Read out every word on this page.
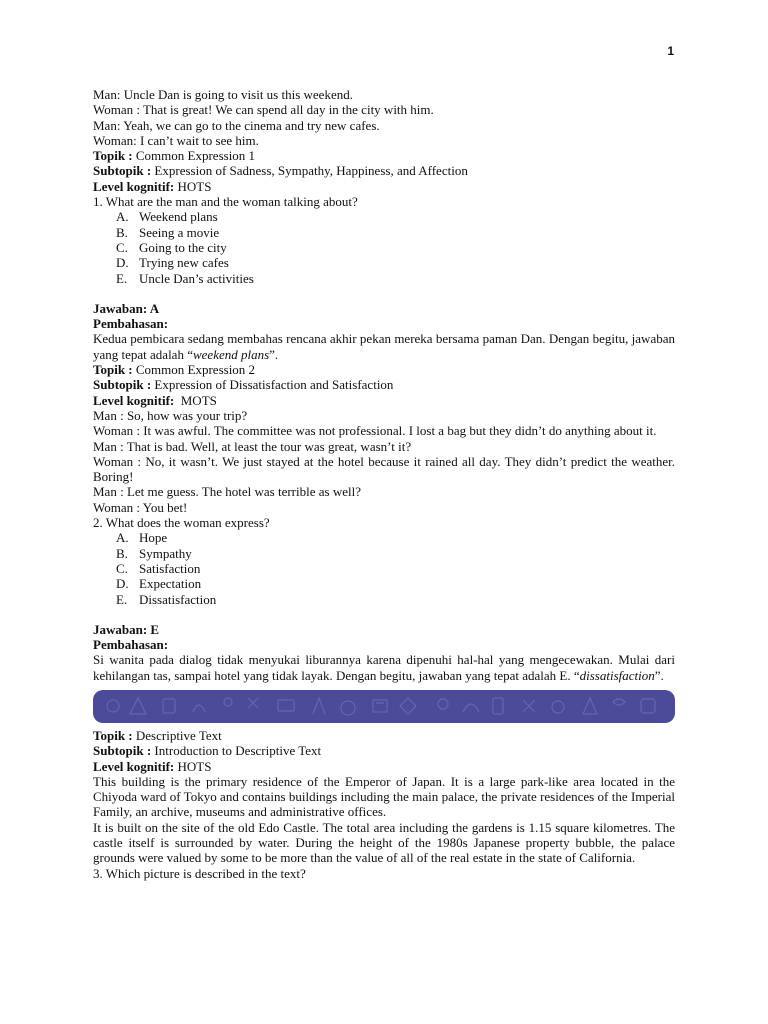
1
Man: Uncle Dan is going to visit us this weekend.
Woman : That is great! We can spend all day in the city with him.
Man: Yeah, we can go to the cinema and try new cafes.
Woman: I can’t wait to see him.
Topik : Common Expression 1
Subtopik : Expression of Sadness, Sympathy, Happiness, and Affection
Level kognitif: HOTS
1. What are the man and the woman talking about?
A. Weekend plans
B. Seeing a movie
C. Going to the city
D. Trying new cafes
E. Uncle Dan’s activities
Jawaban: A
Pembahasan:
Kedua pembicara sedang membahas rencana akhir pekan mereka bersama paman Dan. Dengan begitu, jawaban yang tepat adalah “weekend plans”.
Topik : Common Expression 2
Subtopik : Expression of Dissatisfaction and Satisfaction
Level kognitif:  MOTS
Man : So, how was your trip?
Woman : It was awful. The committee was not professional. I lost a bag but they didn’t do anything about it.
Man : That is bad. Well, at least the tour was great, wasn’t it?
Woman : No, it wasn’t. We just stayed at the hotel because it rained all day. They didn’t predict the weather. Boring!
Man : Let me guess. The hotel was terrible as well?
Woman : You bet!
2. What does the woman express?
A. Hope
B. Sympathy
C. Satisfaction
D. Expectation
E. Dissatisfaction
Jawaban: E
Pembahasan:
Si wanita pada dialog tidak menyukai liburannya karena dipenuhi hal-hal yang mengecewakan. Mulai dari kehilangan tas, sampai hotel yang tidak layak. Dengan begitu, jawaban yang tepat adalah E. “dissatisfaction”.
Topik : Descriptive Text
Subtopik : Introduction to Descriptive Text
Level kognitif: HOTS
This building is the primary residence of the Emperor of Japan. It is a large park-like area located in the Chiyoda ward of Tokyo and contains buildings including the main palace, the private residences of the Imperial Family, an archive, museums and administrative offices.
It is built on the site of the old Edo Castle. The total area including the gardens is 1.15 square kilometres. The castle itself is surrounded by water. During the height of the 1980s Japanese property bubble, the palace grounds were valued by some to be more than the value of all of the real estate in the state of California.
3. Which picture is described in the text?
